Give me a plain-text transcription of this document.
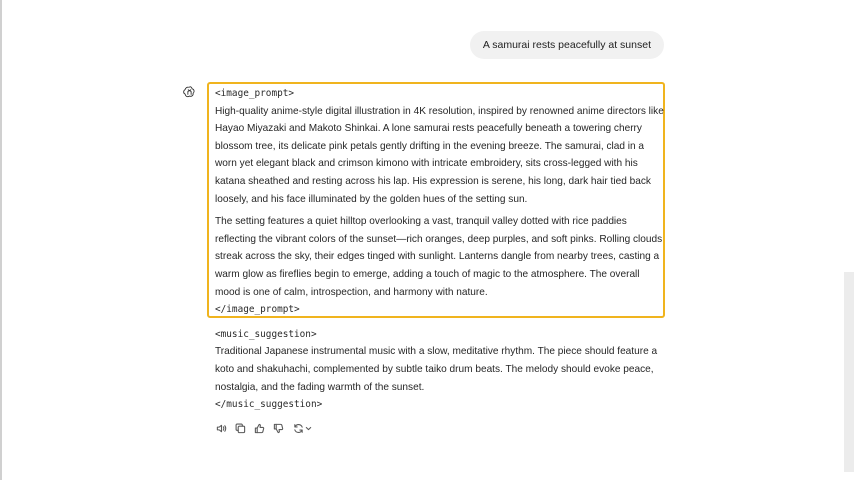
A samurai rests peacefully at sunset

<image_prompt>

High-quality anime-style digital illustration in 4K resolution, inspired by renowned anime directors like Hayao Miyazaki and Makoto Shinkai. A lone samurai rests peacefully beneath a towering cherry blossom tree, its delicate pink petals gently drifting in the evening breeze. The samurai, clad in a worn yet elegant black and crimson kimono with intricate embroidery, sits cross-legged with his katana sheathed and resting across his lap. His expression is serene, his long, dark hair tied back loosely, and his face illuminated by the golden hues of the setting sun.

The setting features a quiet hilltop overlooking a vast, tranquil valley dotted with rice paddies reflecting the vibrant colors of the sunset—rich oranges, deep purples, and soft pinks. Rolling clouds streak across the sky, their edges tinged with sunlight. Lanterns dangle from nearby trees, casting a warm glow as fireflies begin to emerge, adding a touch of magic to the atmosphere. The overall mood is one of calm, introspection, and harmony with nature.

</image_prompt>

<music_suggestion>

Traditional Japanese instrumental music with a slow, meditative rhythm. The piece should feature a koto and shakuhachi, complemented by subtle taiko drum beats. The melody should evoke peace, nostalgia, and the fading warmth of the sunset.

</music_suggestion>
